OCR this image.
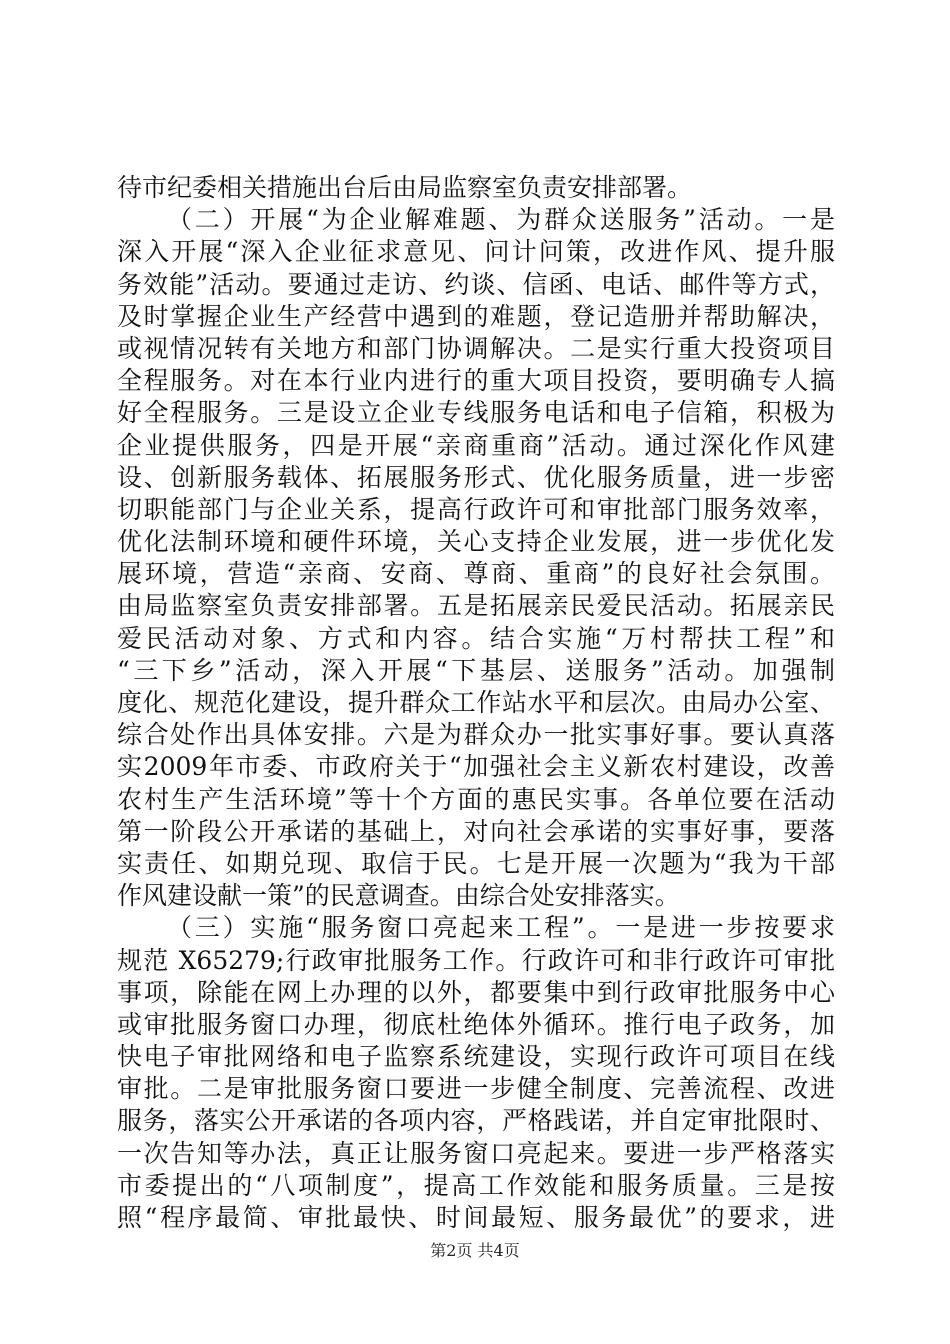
待市纪委相关措施出台后由局监察室负责安排部署。
（二）开展“为企业解难题、为群众送服务”活动。一是
深入开展“深入企业征求意见、问计问策，改进作风、提升服
务效能”活动。要通过走访、约谈、信函、电话、邮件等方式，
及时掌握企业生产经营中遇到的难题，登记造册并帮助解决，
或视情况转有关地方和部门协调解决。二是实行重大投资项目
全程服务。对在本行业内进行的重大项目投资，要明确专人搞
好全程服务。三是设立企业专线服务电话和电子信箱，积极为
企业提供服务，四是开展“亲商重商”活动。通过深化作风建
设、创新服务载体、拓展服务形式、优化服务质量，进一步密
切职能部门与企业关系，提高行政许可和审批部门服务效率，
优化法制环境和硬件环境，关心支持企业发展，进一步优化发
展环境，营造“亲商、安商、尊商、重商”的良好社会氛围。
由局监察室负责安排部署。五是拓展亲民爱民活动。拓展亲民
爱民活动对象、方式和内容。结合实施“万村帮扶工程”和
“三下乡”活动，深入开展“下基层、送服务”活动。加强制
度化、规范化建设，提升群众工作站水平和层次。由局办公室、
综合处作出具体安排。六是为群众办一批实事好事。要认真落
实2009年市委、市政府关于“加强社会主义新农村建设，改善
农村生产生活环境”等十个方面的惠民实事。各单位要在活动
第一阶段公开承诺的基础上，对向社会承诺的实事好事，要落
实责任、如期兑现、取信于民。七是开展一次题为“我为干部
作风建设献一策”的民意调查。由综合处安排落实。
（三）实施“服务窗口亮起来工程”。一是进一步按要求
规范 X65279;行政审批服务工作。行政许可和非行政许可审批
事项，除能在网上办理的以外，都要集中到行政审批服务中心
或审批服务窗口办理，彻底杜绝体外循环。推行电子政务，加
快电子审批网络和电子监察系统建设，实现行政许可项目在线
审批。二是审批服务窗口要进一步健全制度、完善流程、改进
服务，落实公开承诺的各项内容，严格践诺，并自定审批限时、
一次告知等办法，真正让服务窗口亮起来。要进一步严格落实
市委提出的“八项制度”，提高工作效能和服务质量。三是按
照“程序最简、审批最快、时间最短、服务最优”的要求，进
第2页 共4页
